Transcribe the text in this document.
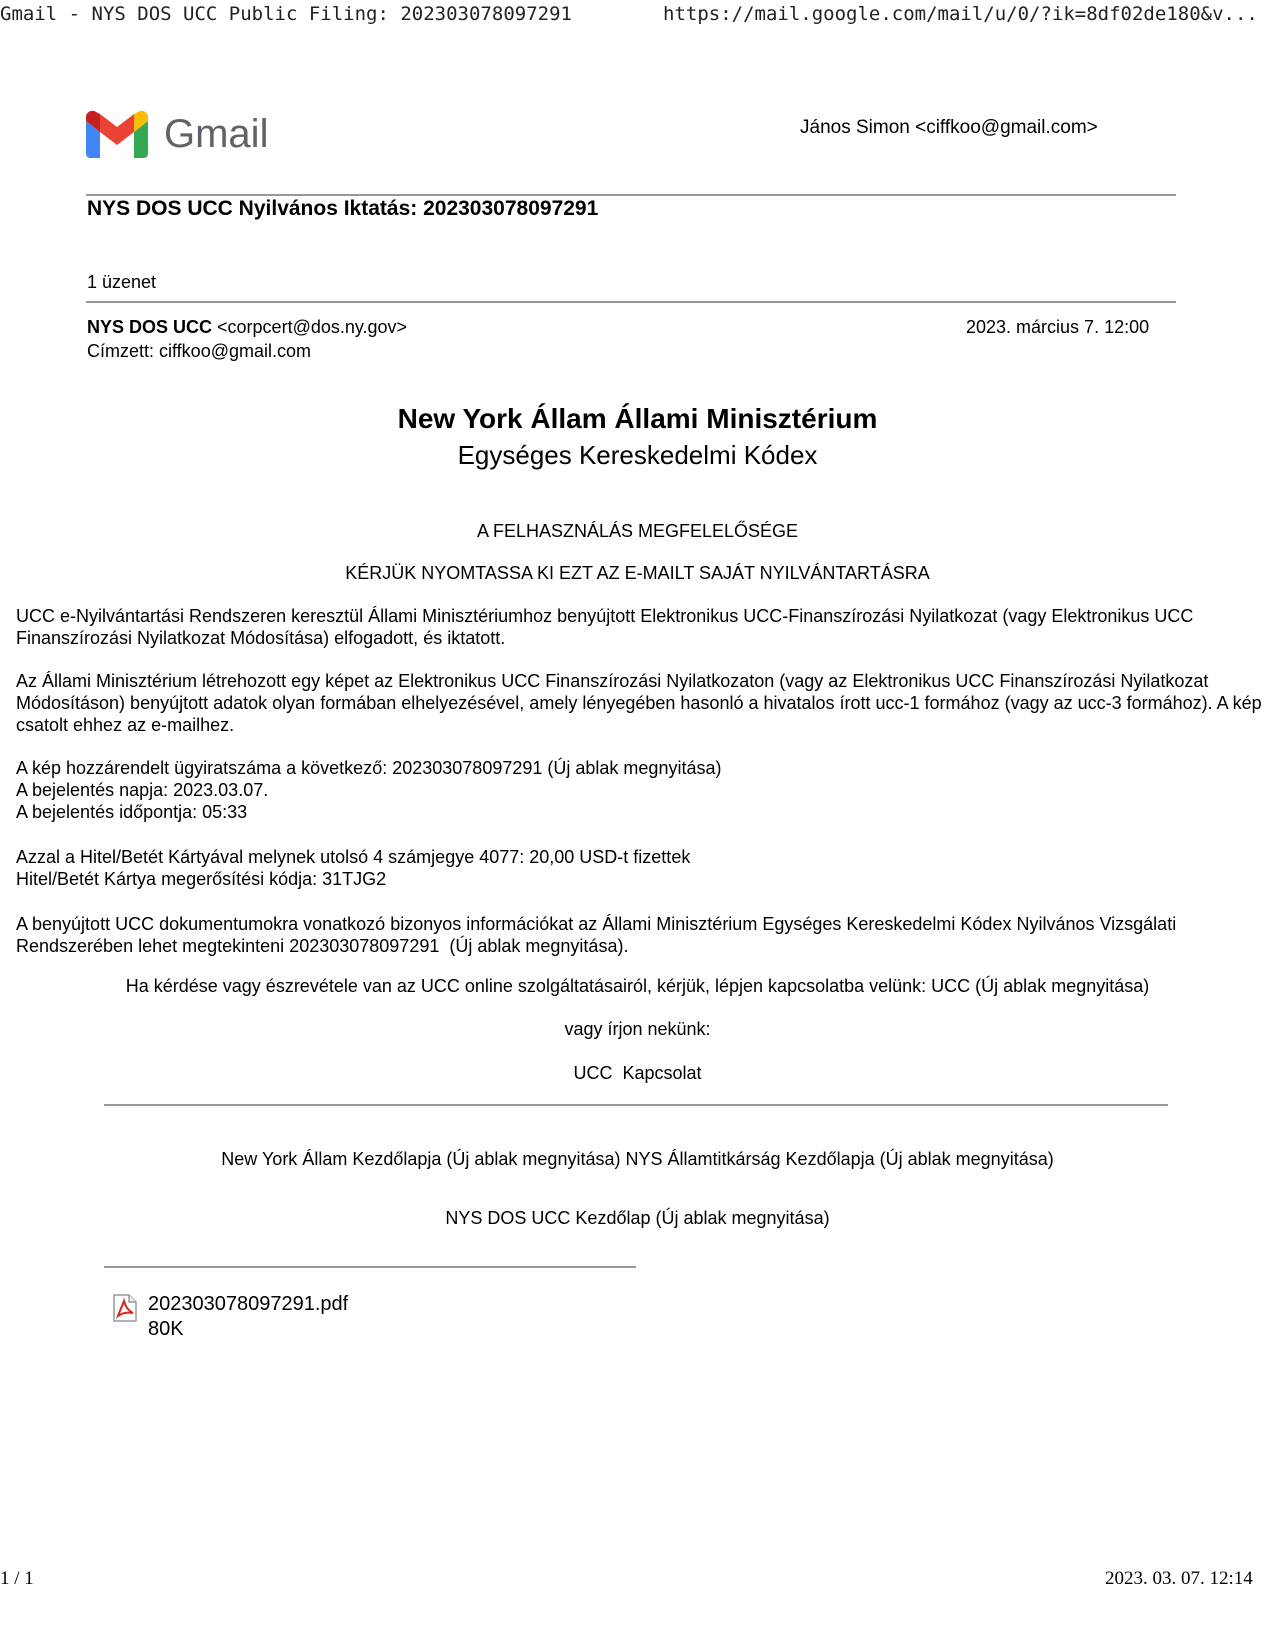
Gmail - NYS DOS UCC Public Filing: 202303078097291	https://mail.google.com/mail/u/0/?ik=8df02de180&v...
Gmail	János Simon <ciffkoo@gmail.com>
NYS DOS UCC Nyilvános Iktatás: 202303078097291
1 üzenet
NYS DOS UCC <corpcert@dos.ny.gov>	2023. március 7. 12:00
Címzett: ciffkoo@gmail.com
New York Állam Állami Minisztérium
Egységes Kereskedelmi Kódex
A FELHASZNÁLÁS MEGFELELŐSÉGE
KÉRJÜK NYOMTASSA KI EZT AZ E-MAILT SAJÁT NYILVÁNTARTÁSRA

UCC e-Nyilvántartási Rendszeren keresztül Állami Minisztériumhoz benyújtott Elektronikus UCC-Finanszírozási Nyilatkozat (vagy Elektronikus UCC Finanszírozási Nyilatkozat Módosítása) elfogadott, és iktatott.

Az Állami Minisztérium létrehozott egy képet az Elektronikus UCC Finanszírozási Nyilatkozaton (vagy az Elektronikus UCC Finanszírozási Nyilatkozat Módosításon) benyújtott adatok olyan formában elhelyezésével, amely lényegében hasonló a hivatalos írott ucc-1 formához (vagy az ucc-3 formához). A kép csatolt ehhez az e-mailhez.

A kép hozzárendelt ügyiratszáma a következő: 202303078097291 (Új ablak megnyitása)
A bejelentés napja: 2023.03.07.
A bejelentés időpontja: 05:33
Azzal a Hitel/Betét Kártyával melynek utolsó 4 számjegye 4077: 20,00 USD-t fizettek
Hitel/Betét Kártya megerősítési kódja: 31TJG2
A benyújtott UCC dokumentumokra vonatkozó bizonyos információkat az Állami Minisztérium Egységes Kereskedelmi Kódex Nyilvános Vizsgálati Rendszerében lehet megtekinteni 202303078097291 (Új ablak megnyitása).
Ha kérdése vagy észrevétele van az UCC online szolgáltatásairól, kérjük, lépjen kapcsolatba velünk: UCC (Új ablak megnyitása)
vagy írjon nekünk:
UCC  Kapcsolat
New York Állam Kezdőlapja (Új ablak megnyitása) NYS Államtitkárság Kezdőlapja (Új ablak megnyitása)
NYS DOS UCC Kezdőlap (Új ablak megnyitása)
202303078097291.pdf
80K
1 / 1	2023. 03. 07. 12:14
